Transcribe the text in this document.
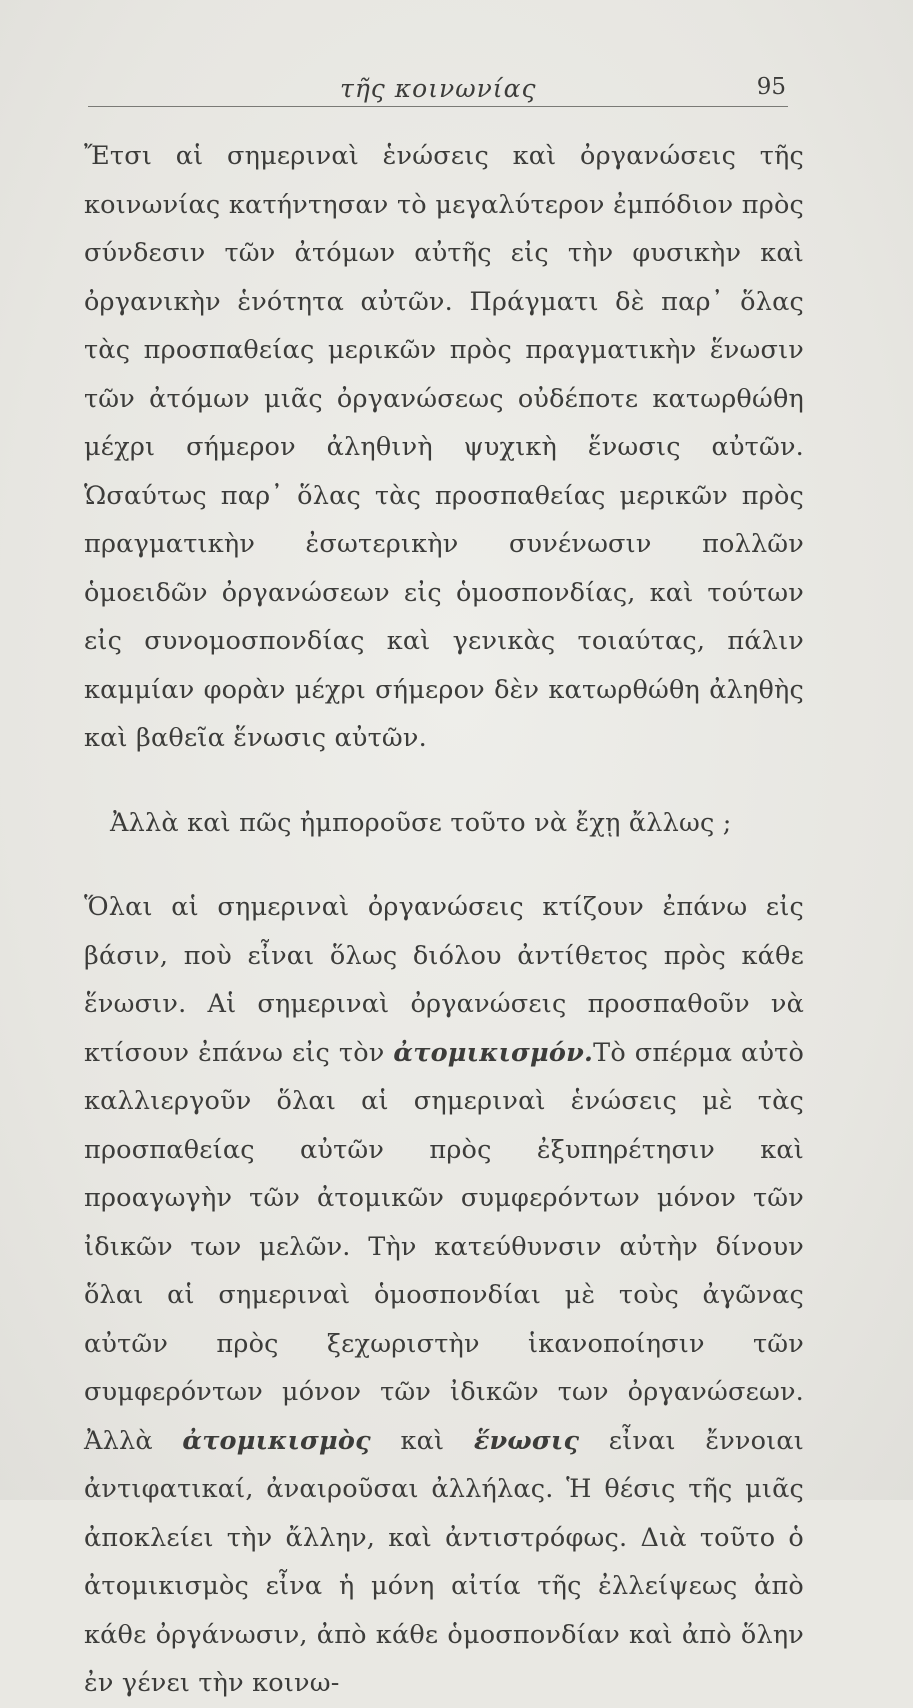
τῆς κοινωνίας	95

Ἔτσι αἱ σημεριναὶ ἑνώσεις καὶ ὀργανώσεις τῆς κοινωνίας κατήντησαν τὸ μεγαλύτερον ἐμπόδιον πρὸς σύνδεσιν τῶν ἀτόμων αὐτῆς εἰς τὴν φυσικὴν καὶ ὀργανικὴν ἑνότητα αὐτῶν. Πράγματι δὲ παρ᾽ ὅλας τὰς προσπαθείας μερικῶν πρὸς πραγματικὴν ἕνωσιν τῶν ἀτόμων μιᾶς ὀργανώσεως οὐδέποτε κατωρθώθη μέχρι σήμερον ἀληθινὴ ψυχικὴ ἕνωσις αὐτῶν. Ὡσαύτως παρ᾽ ὅλας τὰς προσπαθείας μερικῶν πρὸς πραγματικὴν ἐσωτερικὴν συνένωσιν πολλῶν ὁμοειδῶν ὀργανώσεων εἰς ὁμοσπονδίας, καὶ τούτων εἰς συνομοσπονδίας καὶ γενικὰς τοιαύτας, πάλιν καμμίαν φορὰν μέχρι σήμερον δὲν κατωρθώθη ἀληθὴς καὶ βαθεῖα ἕνωσις αὐτῶν.

Ἀλλὰ καὶ πῶς ἠμποροῦσε τοῦτο νὰ ἔχῃ ἄλλως ;

Ὅλαι αἱ σημεριναὶ ὀργανώσεις κτίζουν ἐπάνω εἰς βάσιν, ποὺ εἶναι ὅλως διόλου ἀντίθετος πρὸς κάθε ἕνωσιν. Αἱ σημεριναὶ ὀργανώσεις προσπαθοῦν νὰ κτίσουν ἐπάνω εἰς τὸν ἀτομικισμόν.Τὸ σπέρμα αὐτὸ καλλιεργοῦν ὅλαι αἱ σημεριναὶ ἑνώσεις μὲ τὰς προσπαθείας αὐτῶν πρὸς ἐξυπηρέτησιν καὶ προαγωγὴν τῶν ἀτομικῶν συμφερόντων μόνον τῶν ἰδικῶν των μελῶν. Τὴν κατεύθυνσιν αὐτὴν δίνουν ὅλαι αἱ σημεριναὶ ὁμοσπονδίαι μὲ τοὺς ἀγῶνας αὐτῶν πρὸς ξεχωριστὴν ἱκανοποίησιν τῶν συμφερόντων μόνον τῶν ἰδικῶν των ὀργανώσεων. Ἀλλὰ ἀτομικισμὸς καὶ ἕνωσις εἶναι ἔννοιαι ἀντιφατικαί, ἀναιροῦσαι ἀλλήλας. Ἡ θέσις τῆς μιᾶς ἀποκλείει τὴν ἄλλην, καὶ ἀντιστρόφως. Διὰ τοῦτο ὁ ἀτομικισμὸς εἶνα ἡ μόνη αἰτία τῆς ἐλλείψεως ἀπὸ κάθε ὀργάνωσιν, ἀπὸ κάθε ὁμοσπονδίαν καὶ ἀπὸ ὅλην ἐν γένει τὴν κοινω-
